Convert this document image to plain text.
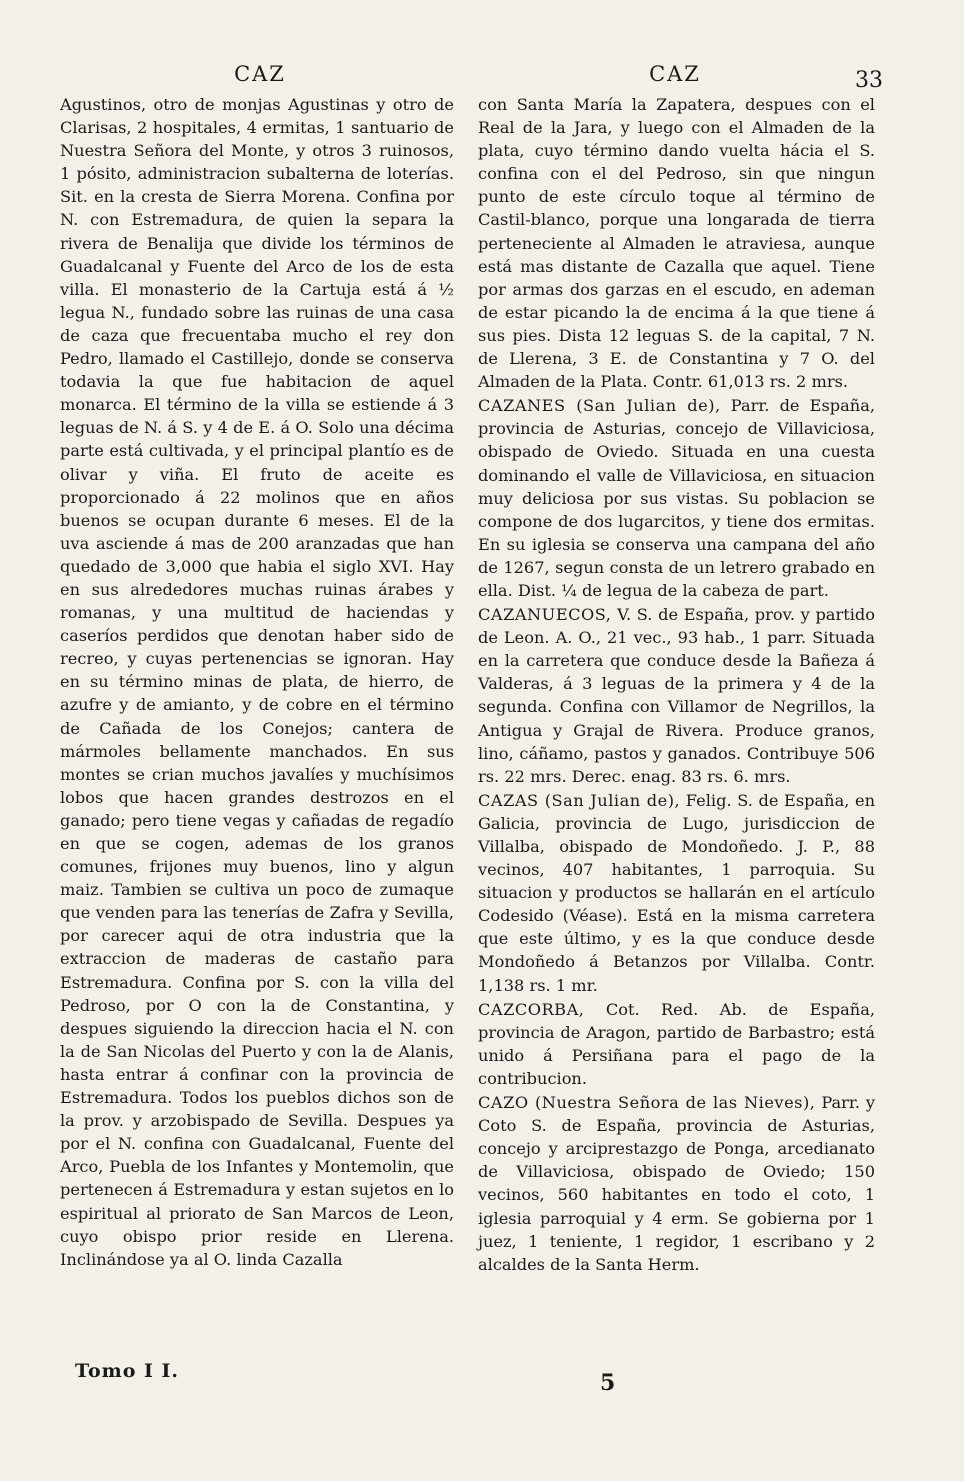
CAZ	CAZ	33

Agustinos, otro de monjas Agustinas y otro de Clarisas, 2 hospitales, 4 ermitas, 1 santuario de Nuestra Señora del Monte, y otros 3 ruinosos, 1 pósito, administracion subalterna de loterías. Sit. en la cresta de Sierra Morena. Confina por N. con Estremadura, de quien la separa la rivera de Benalija que divide los términos de Guadalcanal y Fuente del Arco de los de esta villa. El monasterio de la Cartuja está á ½ legua N., fundado sobre las ruinas de una casa de caza que frecuentaba mucho el rey don Pedro, llamado el Castillejo, donde se conserva todavia la que fue habitacion de aquel monarca. El término de la villa se estiende á 3 leguas de N. á S. y 4 de E. á O. Solo una décima parte está cultivada, y el principal plantío es de olivar y viña. El fruto de aceite es proporcionado á 22 molinos que en años buenos se ocupan durante 6 meses. El de la uva asciende á mas de 200 aranzadas que han quedado de 3,000 que habia el siglo XVI. Hay en sus alrededores muchas ruinas árabes y romanas, y una multitud de haciendas y caseríos perdidos que denotan haber sido de recreo, y cuyas pertenencias se ignoran. Hay en su término minas de plata, de hierro, de azufre y de amianto, y de cobre en el término de Cañada de los Conejos; cantera de mármoles bellamente manchados. En sus montes se crian muchos javalíes y muchísimos lobos que hacen grandes destrozos en el ganado; pero tiene vegas y cañadas de regadío en que se cogen, ademas de los granos comunes, frijones muy buenos, lino y algun maiz. Tambien se cultiva un poco de zumaque que venden para las tenerías de Zafra y Sevilla, por carecer aqui de otra industria que la extraccion de maderas de castaño para Estremadura. Confina por S. con la villa del Pedroso, por O con la de Constantina, y despues siguiendo la direccion hacia el N. con la de San Nicolas del Puerto y con la de Alanis, hasta entrar á confinar con la provincia de Estremadura. Todos los pueblos dichos son de la prov. y arzobispado de Sevilla. Despues ya por el N. confina con Guadalcanal, Fuente del Arco, Puebla de los Infantes y Montemolin, que pertenecen á Estremadura y estan sujetos en lo espiritual al priorato de San Marcos de Leon, cuyo obispo prior reside en Llerena. Inclinándose ya al O. linda Cazalla

con Santa María la Zapatera, despues con el Real de la Jara, y luego con el Almaden de la plata, cuyo término dando vuelta hácia el S. confina con el del Pedroso, sin que ningun punto de este círculo toque al término de Castil-blanco, porque una longarada de tierra perteneciente al Almaden le atraviesa, aunque está mas distante de Cazalla que aquel. Tiene por armas dos garzas en el escudo, en ademan de estar picando la de encima á la que tiene á sus pies. Dista 12 leguas S. de la capital, 7 N. de Llerena, 3 E. de Constantina y 7 O. del Almaden de la Plata. Contr. 61,013 rs. 2 mrs.

CAZANES (San Julian de), Parr. de España, provincia de Asturias, concejo de Villaviciosa, obispado de Oviedo. Situada en una cuesta dominando el valle de Villaviciosa, en situacion muy deliciosa por sus vistas. Su poblacion se compone de dos lugarcitos, y tiene dos ermitas. En su iglesia se conserva una campana del año de 1267, segun consta de un letrero grabado en ella. Dist. ¼ de legua de la cabeza de part.

CAZANUECOS, V. S. de España, prov. y partido de Leon. A. O., 21 vec., 93 hab., 1 parr. Situada en la carretera que conduce desde la Bañeza á Valderas, á 3 leguas de la primera y 4 de la segunda. Confina con Villamor de Negrillos, la Antigua y Grajal de Rivera. Produce granos, lino, cáñamo, pastos y ganados. Contribuye 506 rs. 22 mrs. Derec. enag. 83 rs. 6. mrs.

CAZAS (San Julian de), Felig. S. de España, en Galicia, provincia de Lugo, jurisdiccion de Villalba, obispado de Mondoñedo. J. P., 88 vecinos, 407 habitantes, 1 parroquia. Su situacion y productos se hallarán en el artículo Codesido (Véase). Está en la misma carretera que este último, y es la que conduce desde Mondoñedo á Betanzos por Villalba. Contr. 1,138 rs. 1 mr.

CAZCORBA, Cot. Red. Ab. de España, provincia de Aragon, partido de Barbastro; está unido á Persiñana para el pago de la contribucion.

CAZO (Nuestra Señora de las Nieves), Parr. y Coto S. de España, provincia de Asturias, concejo y arciprestazgo de Ponga, arcedianato de Villaviciosa, obispado de Oviedo; 150 vecinos, 560 habitantes en todo el coto, 1 iglesia parroquial y 4 erm. Se gobierna por 1 juez, 1 teniente, 1 regidor, 1 escribano y 2 alcaldes de la Santa Herm.

Tomo I I.	5
